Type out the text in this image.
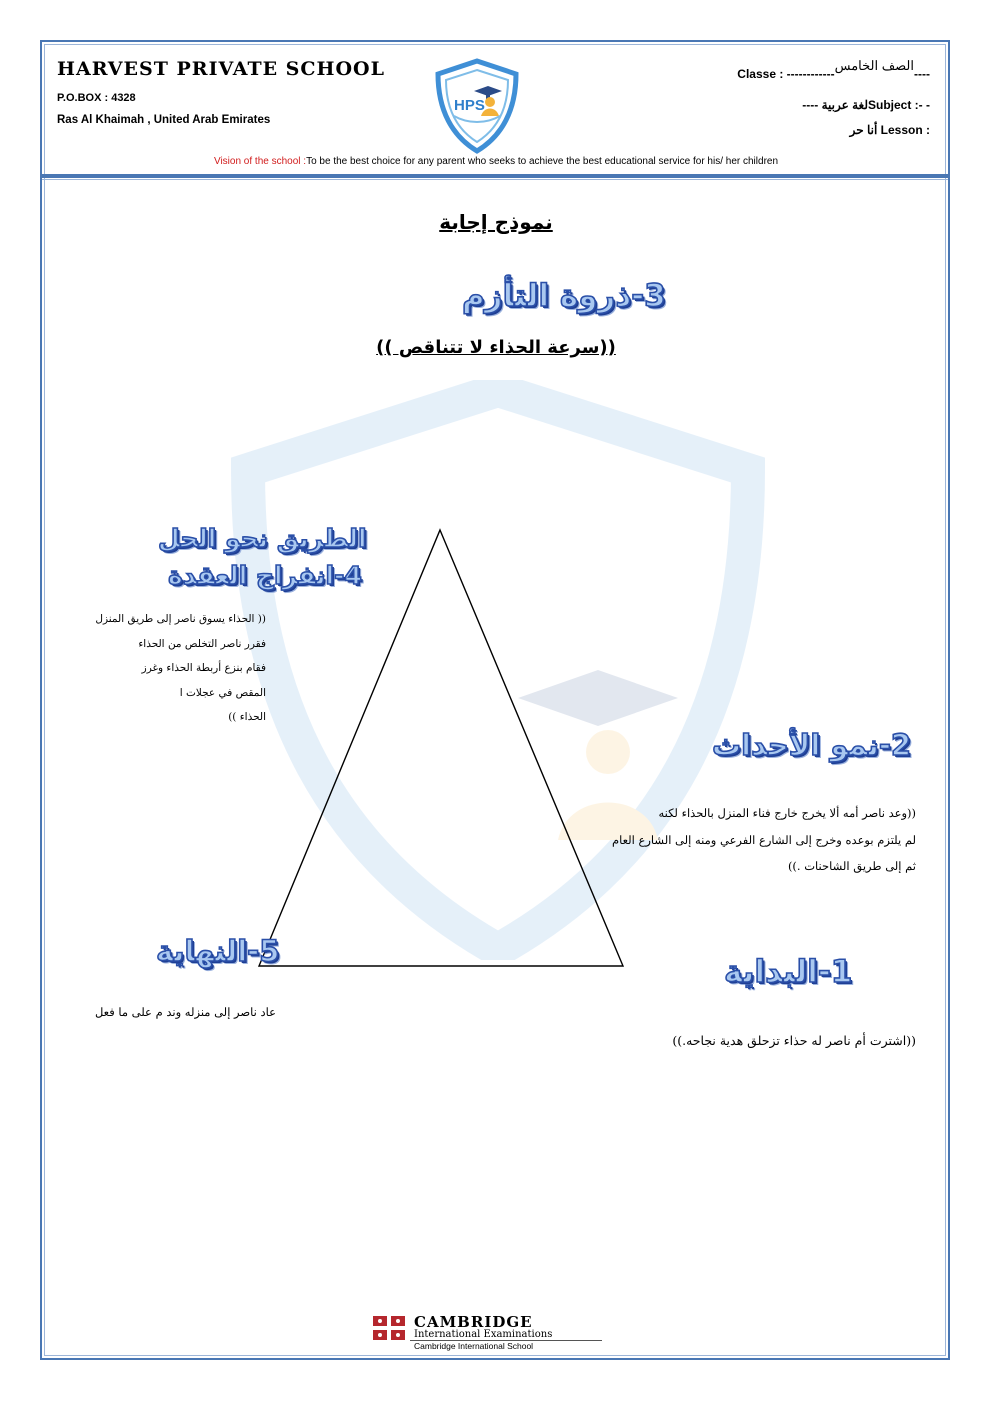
HARVEST PRIVATE SCHOOL
P.O.BOX : 4328
Ras Al Khaimah , United Arab Emirates
HPS
Classe : ------------الصف الخامس----
---- لغة عربيةSubject :- -
أنا حر Lesson :
Vision of the school :To be the best choice for any parent who seeks to achieve the best educational service for his/ her children
نموذج إجابة
3-ذروة التأزم
((سرعة الحذاء لا تتناقص ))
الطريق نحو الحل
4-انفراج العقدة
(( الحذاء يسوق ناصر إلى طريق المنزل
فقرر ناصر التخلص من الحذاء
فقام بنزع أربطة الحذاء وغرز
المقص في عجلات ا
الحذاء ))
2-نمو الأحداث
((وعد ناصر أمه ألا يخرج خارج فناء المنزل بالحذاء لكنه
لم يلتزم بوعده وخرج إلى الشارع الفرعي ومنه إلى الشارع العام
ثم إلى طريق الشاحنات .))
5-النهاية
عاد ناصر إلى منزله وند م على ما فعل
1-البداية
((اشترت أم ناصر له حذاء تزحلق هدية نجاحه.))
CAMBRIDGE
International Examinations
Cambridge International School
